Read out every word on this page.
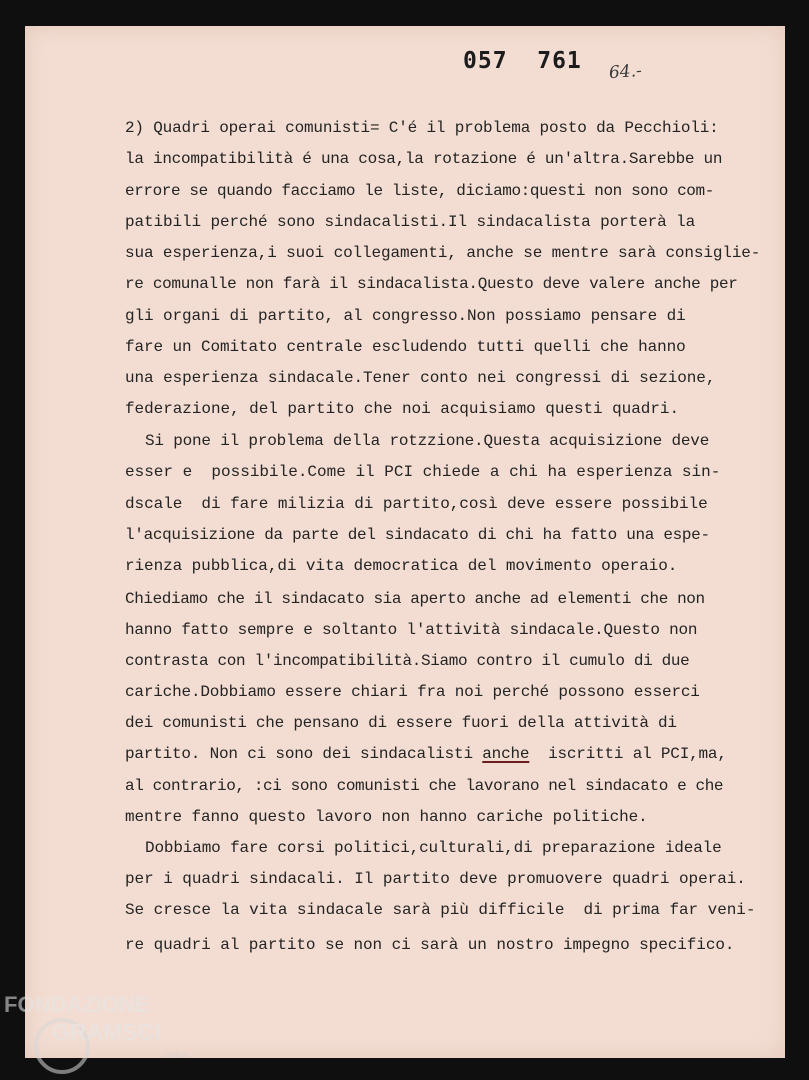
057  761 64.-

2) Quadri operai comunisti= C'é il problema posto da Pecchioli:

la incompatibilità é una cosa,la rotazione é un'altra.Sarebbe un

errore se quando facciamo le liste, diciamo:questi non sono com-

patibili perché sono sindacalisti.Il sindacalista porterà la

sua esperienza,i suoi collegamenti, anche se mentre sarà consiglie-

re comunalle non farà il sindacalista.Questo deve valere anche per

gli organi di partito, al congresso.Non possiamo pensare di

fare un Comitato centrale escludendo tutti quelli che hanno

una esperienza sindacale.Tener conto nei congressi di sezione,

federazione, del partito che noi acquisiamo questi quadri.

Si pone il problema della rotzzione.Questa acquisizione deve

esser e  possibile.Come il PCI chiede a chi ha esperienza sin-

dscale  di fare milizia di partito,così deve essere possibile

l'acquisizione da parte del sindacato di chi ha fatto una espe-

rienza pubblica,di vita democratica del movimento operaio.

Chiediamo che il sindacato sia aperto anche ad elementi che non

hanno fatto sempre e soltanto l'attività sindacale.Questo non

contrasta con l'incompatibilità.Siamo contro il cumulo di due

cariche.Dobbiamo essere chiari fra noi perché possono esserci

dei comunisti che pensano di essere fuori della attività di

partito. Non ci sono dei sindacalisti anche  iscritti al PCI,ma,

al contrario, :ci sono comunisti che lavorano nel sindacato e che

mentre fanno questo lavoro non hanno cariche politiche.

Dobbiamo fare corsi politici,culturali,di preparazione ideale

per i quadri sindacali. Il partito deve promuovere quadri operai.

Se cresce la vita sindacale sarà più difficile  di prima far veni-

re quadri al partito se non ci sarà un nostro impegno specifico.

FONDAZIONE
GRAMSCI
onlus
